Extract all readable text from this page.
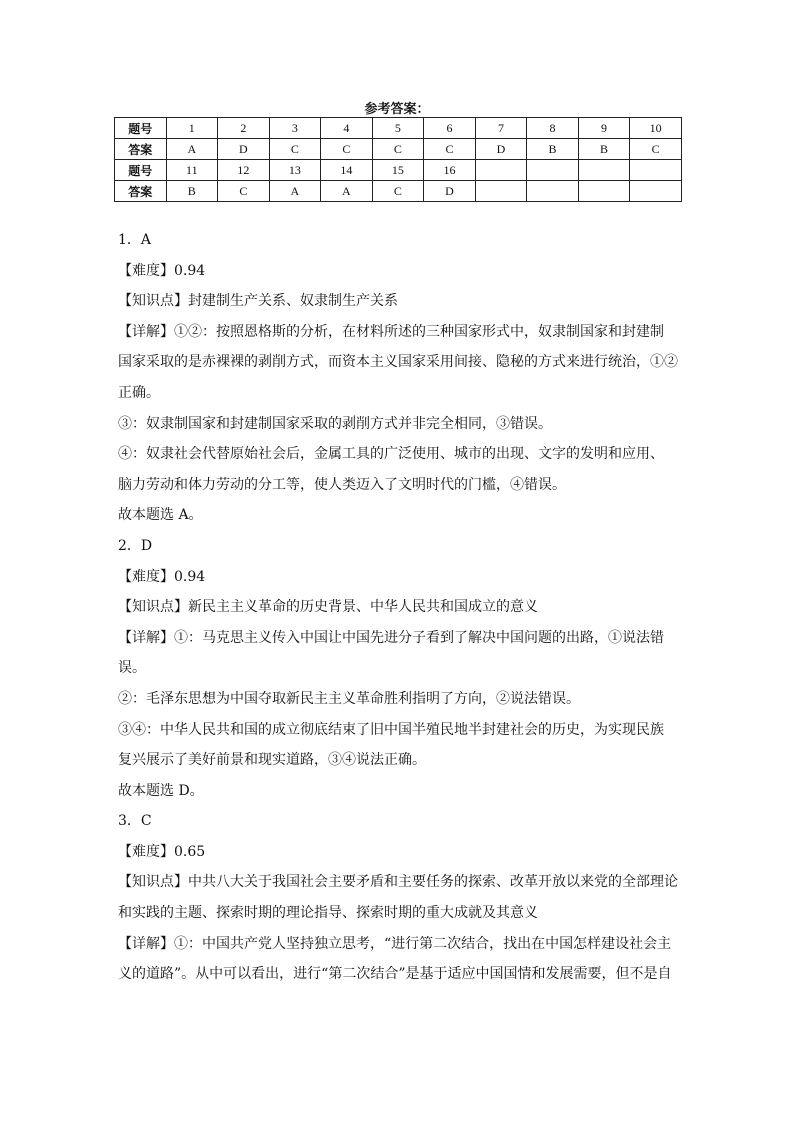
参考答案：
题号	1	2	3	4	5	6	7	8	9	10
答案	A	D	C	C	C	C	D	B	B	C
题号	11	12	13	14	15	16				
答案	B	C	A	A	C	D				
1．A
【难度】0.94
【知识点】封建制生产关系、奴隶制生产关系
【详解】①②：按照恩格斯的分析，在材料所述的三种国家形式中，奴隶制国家和封建制
国家采取的是赤裸裸的剥削方式，而资本主义国家采用间接、隐秘的方式来进行统治，①②
正确。
③：奴隶制国家和封建制国家采取的剥削方式并非完全相同，③错误。
④：奴隶社会代替原始社会后，金属工具的广泛使用、城市的出现、文字的发明和应用、
脑力劳动和体力劳动的分工等，使人类迈入了文明时代的门槛，④错误。
故本题选 A。
2．D
【难度】0.94
【知识点】新民主主义革命的历史背景、中华人民共和国成立的意义
【详解】①：马克思主义传入中国让中国先进分子看到了解决中国问题的出路，①说法错
误。
②：毛泽东思想为中国夺取新民主主义革命胜利指明了方向，②说法错误。
③④：中华人民共和国的成立彻底结束了旧中国半殖民地半封建社会的历史，为实现民族
复兴展示了美好前景和现实道路，③④说法正确。
故本题选 D。
3．C
【难度】0.65
【知识点】中共八大关于我国社会主要矛盾和主要任务的探索、改革开放以来党的全部理论
和实践的主题、探索时期的理论指导、探索时期的重大成就及其意义
【详解】①：中国共产党人坚持独立思考，“进行第二次结合，找出在中国怎样建设社会主
义的道路”。从中可以看出，进行“第二次结合”是基于适应中国国情和发展需要，但不是自
